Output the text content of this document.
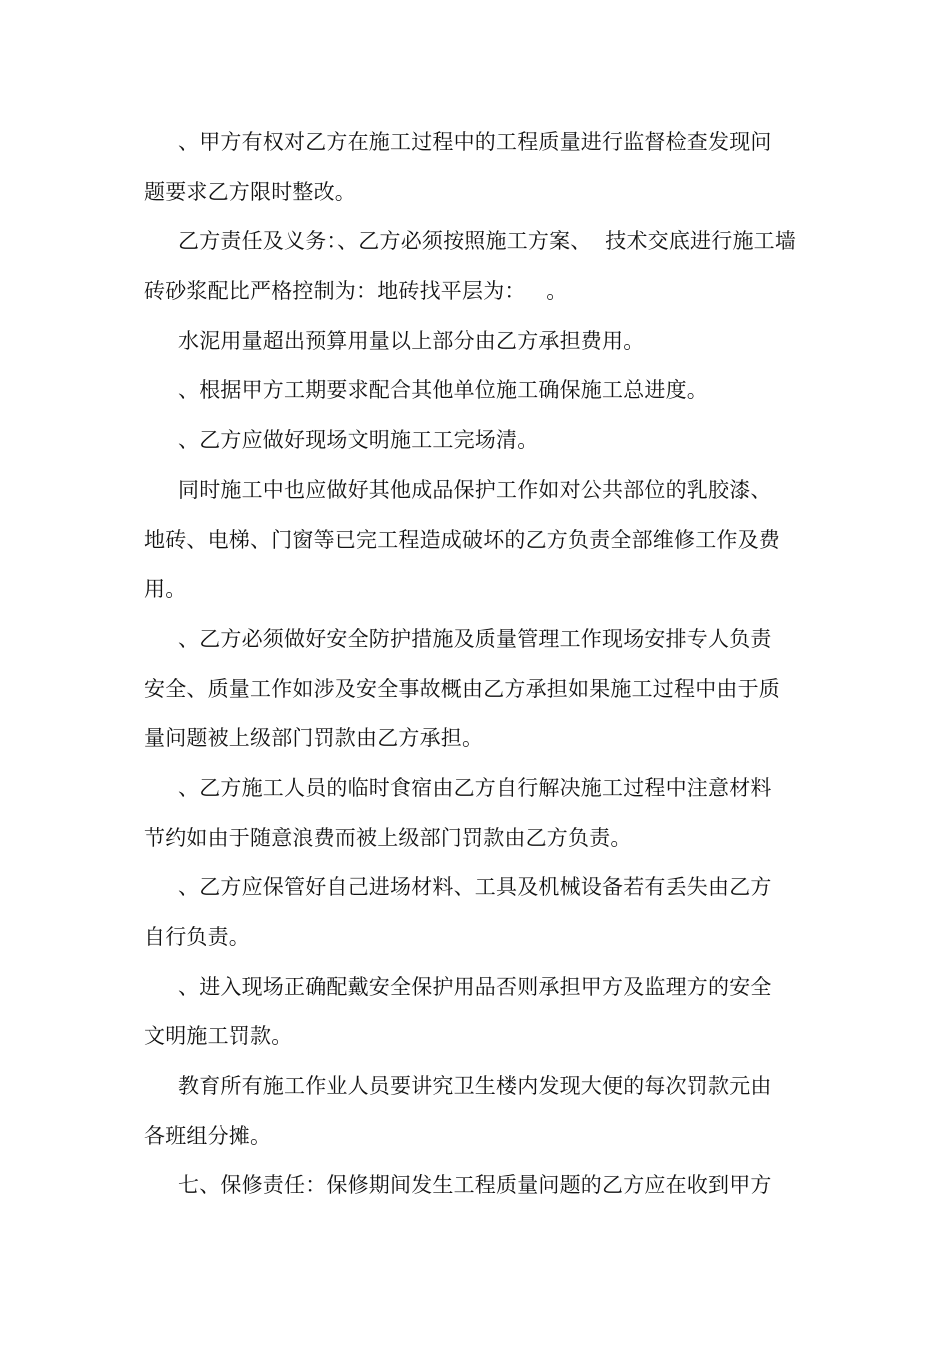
、甲方有权对乙方在施工过程中的工程质量进行监督检查发现问
题要求乙方限时整改。
乙方责任及义务：、乙方必须按照施工方案、  技术交底进行施工墙
砖砂浆配比严格控制为：地砖找平层为：   。
水泥用量超出预算用量以上部分由乙方承担费用。
、根据甲方工期要求配合其他单位施工确保施工总进度。
、乙方应做好现场文明施工工完场清。
同时施工中也应做好其他成品保护工作如对公共部位的乳胶漆、
地砖、电梯、门窗等已完工程造成破坏的乙方负责全部维修工作及费
用。
、乙方必须做好安全防护措施及质量管理工作现场安排专人负责
安全、质量工作如涉及安全事故概由乙方承担如果施工过程中由于质
量问题被上级部门罚款由乙方承担。
、乙方施工人员的临时食宿由乙方自行解决施工过程中注意材料
节约如由于随意浪费而被上级部门罚款由乙方负责。
、乙方应保管好自己进场材料、工具及机械设备若有丢失由乙方
自行负责。
、进入现场正确配戴安全保护用品否则承担甲方及监理方的安全
文明施工罚款。
教育所有施工作业人员要讲究卫生楼内发现大便的每次罚款元由
各班组分摊。
七、保修责任：保修期间发生工程质量问题的乙方应在收到甲方
